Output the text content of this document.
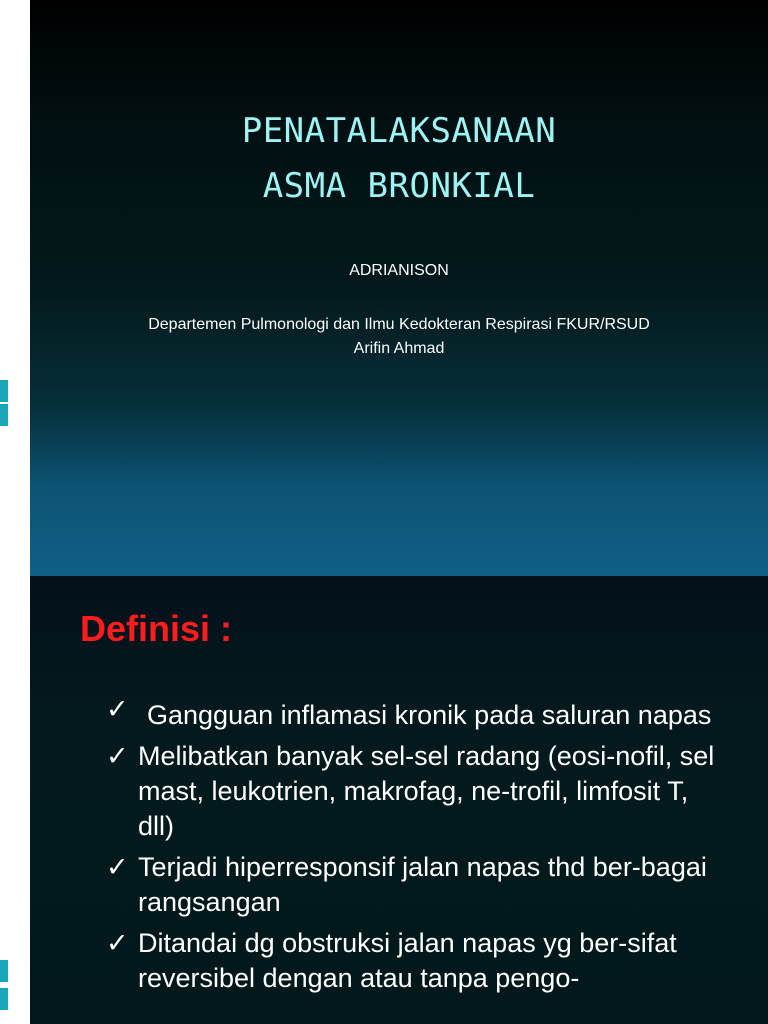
PENATALAKSANAAN
ASMA BRONKIAL
ADRIANISON
Departemen Pulmonologi dan Ilmu Kedokteran Respirasi FKUR/RSUD
Arifin Ahmad
Definisi :
✓ Gangguan inflamasi kronik pada saluran napas
✓ Melibatkan banyak sel-sel radang (eosi-nofil, sel mast, leukotrien, makrofag, ne-trofil, limfosit T, dll)
✓ Terjadi hiperresponsif jalan napas thd ber-bagai rangsangan
✓ Ditandai dg obstruksi jalan napas yg ber-sifat reversibel dengan atau tanpa pengo-
